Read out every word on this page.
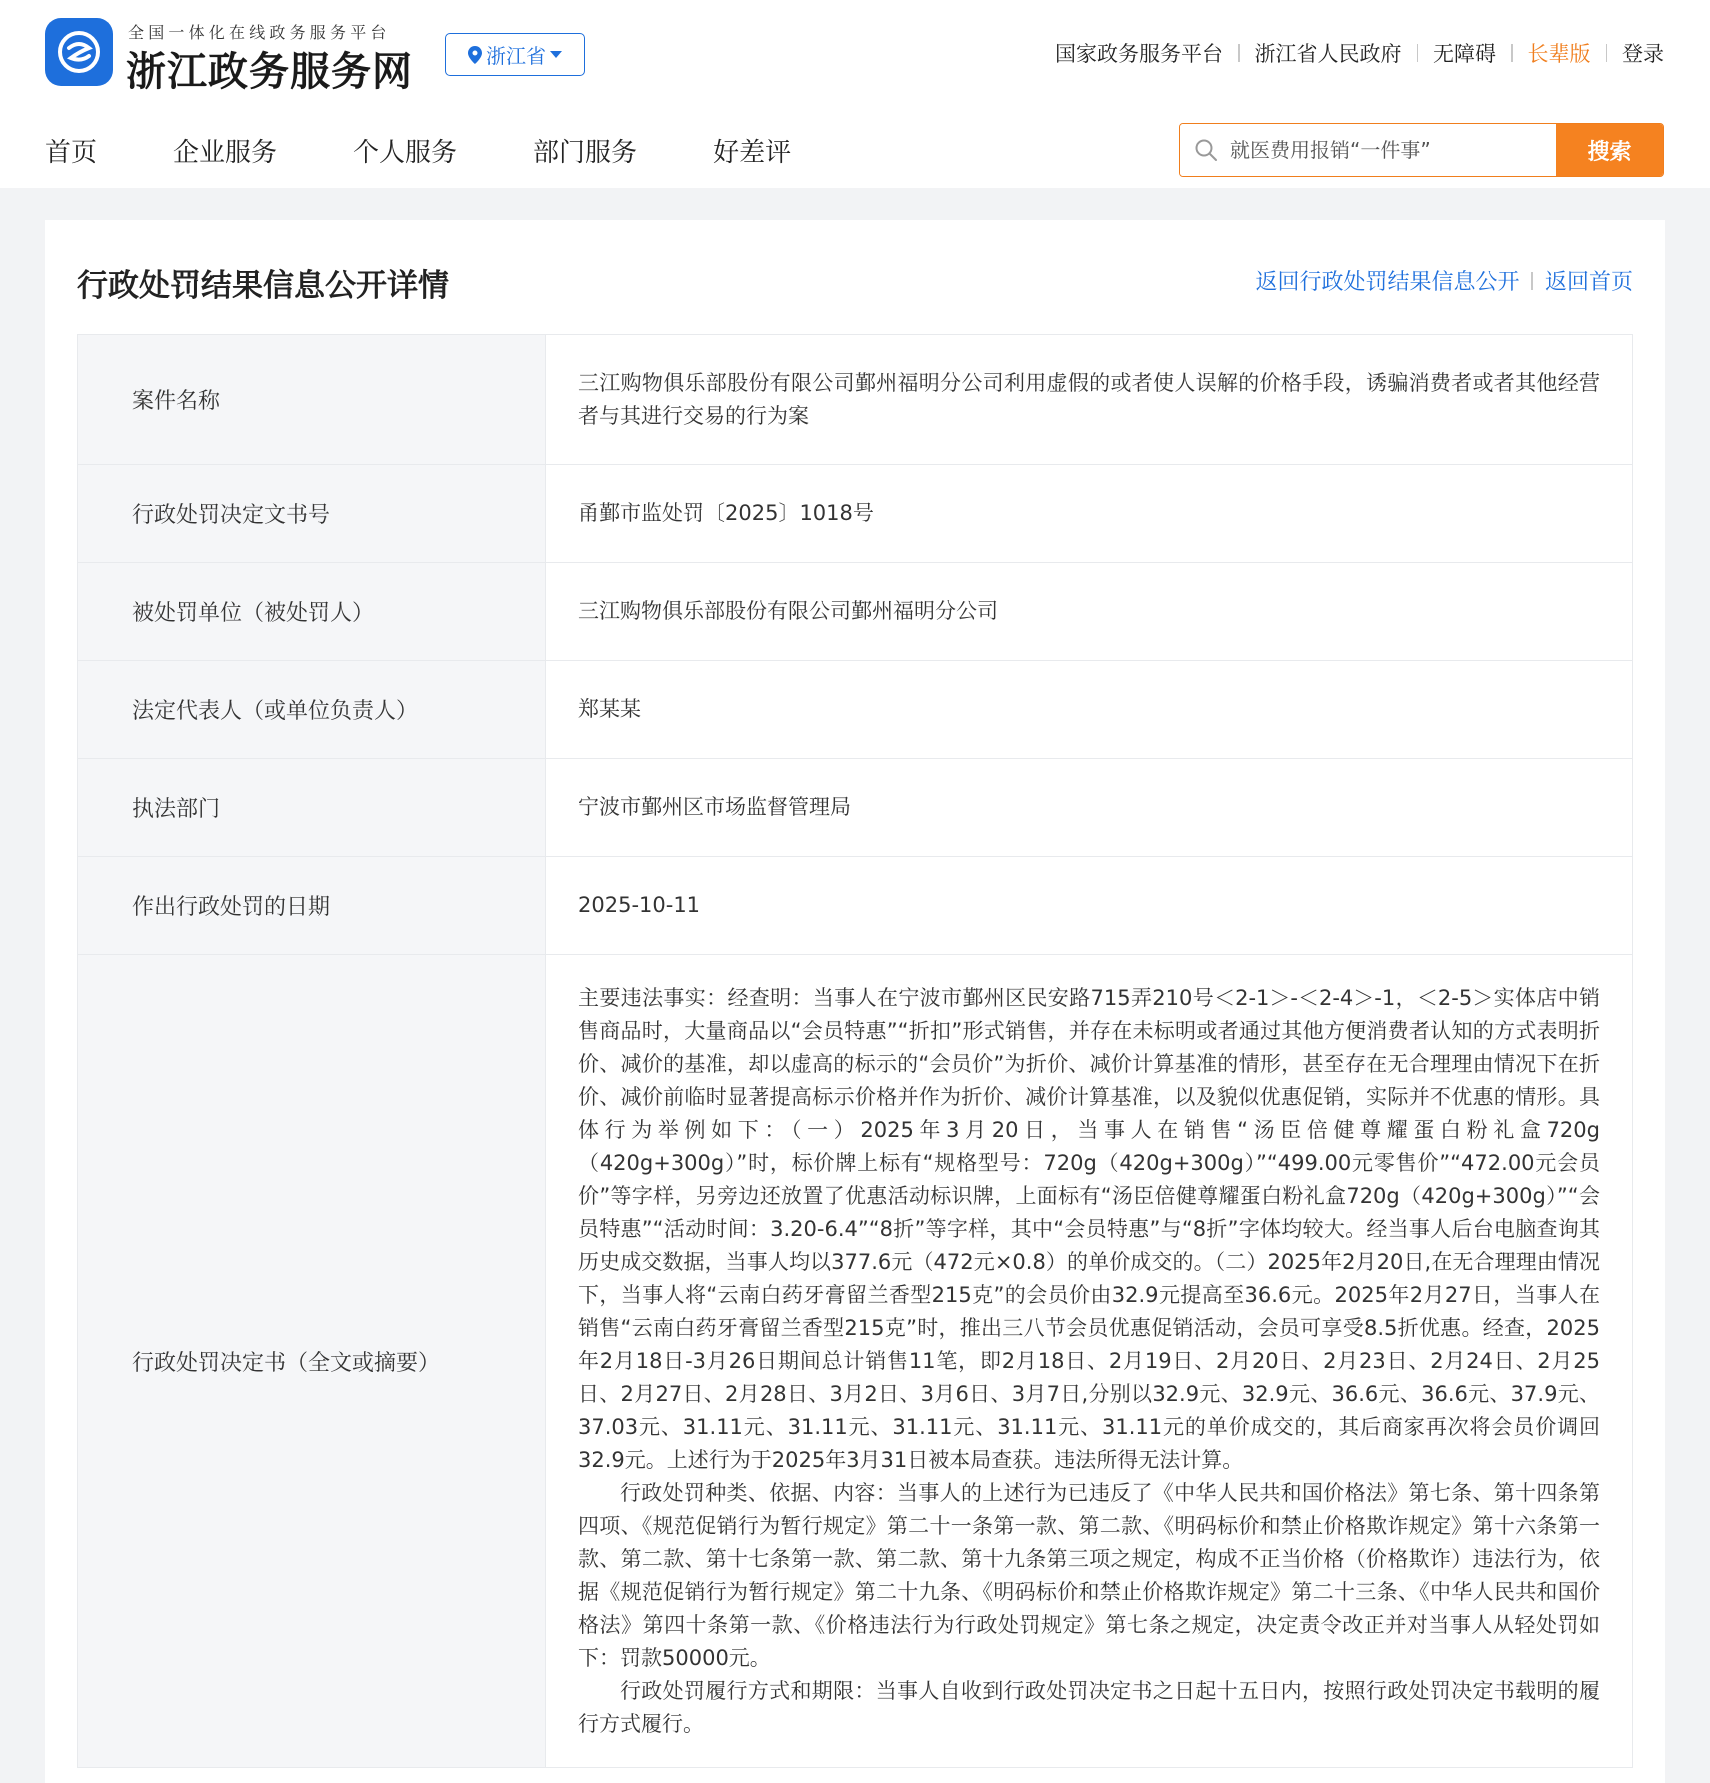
全国一体化在线政务服务平台
浙江政务服务网	浙江省	国家政务服务平台 浙江省人民政府 无障碍 长辈版 登录
首页	企业服务	个人服务	部门服务	好差评
就医费用报销“一件事”	搜索
行政处罚结果信息公开详情	返回行政处罚结果信息公开 返回首页
案件名称	三江购物俱乐部股份有限公司鄞州福明分公司利用虚假的或者使人误解的价格手段，诱骗消费者或者其他经营者与其进行交易的行为案
行政处罚决定文书号	甬鄞市监处罚〔2025〕1018号
被处罚单位（被处罚人）	三江购物俱乐部股份有限公司鄞州福明分公司
法定代表人（或单位负责人）	郑某某
执法部门	宁波市鄞州区市场监督管理局
作出行政处罚的日期	2025-10-11
行政处罚决定书（全文或摘要）	主要违法事实：经查明：当事人在宁波市鄞州区民安路715弄210号＜2-1＞-＜2-4＞-1，＜2-5＞实体店中销售商品时，大量商品以“会员特惠”“折扣”形式销售，并存在未标明或者通过其他方便消费者认知的方式表明折价、减价的基准，却以虚高的标示的“会员价”为折价、减价计算基准的情形，甚至存在无合理理由情况下在折价、减价前临时显著提高标示价格并作为折价、减价计算基准，以及貌似优惠促销，实际并不优惠的情形。具体行为举例如下：（一）2025年3月20日，当事人在销售“汤臣倍健尊耀蛋白粉礼盒720g（420g+300g）”时，标价牌上标有“规格型号：720g（420g+300g）”“499.00元零售价”“472.00元会员价”等字样，另旁边还放置了优惠活动标识牌，上面标有“汤臣倍健尊耀蛋白粉礼盒720g（420g+300g）”“会员特惠”“活动时间：3.20-6.4”“8折”等字样，其中“会员特惠”与“8折”字体均较大。经当事人后台电脑查询其历史成交数据，当事人均以377.6元（472元×0.8）的单价成交的。（二）2025年2月20日,在无合理理由情况下，当事人将“云南白药牙膏留兰香型215克”的会员价由32.9元提高至36.6元。2025年2月27日，当事人在销售“云南白药牙膏留兰香型215克”时，推出三八节会员优惠促销活动，会员可享受8.5折优惠。经查，2025年2月18日-3月26日期间总计销售11笔，即2月18日、2月19日、2月20日、2月23日、2月24日、2月25日、2月27日、2月28日、3月2日、3月6日、3月7日,分别以32.9元、32.9元、36.6元、36.6元、37.9元、37.03元、31.11元、31.11元、31.11元、31.11元、31.11元的单价成交的，其后商家再次将会员价调回32.9元。上述行为于2025年3月31日被本局查获。违法所得无法计算。

行政处罚种类、依据、内容：当事人的上述行为已违反了《中华人民共和国价格法》第七条、第十四条第四项、《规范促销行为暂行规定》第二十一条第一款、第二款、《明码标价和禁止价格欺诈规定》第十六条第一款、第二款、第十七条第一款、第二款、第十九条第三项之规定，构成不正当价格（价格欺诈）违法行为，依据《规范促销行为暂行规定》第二十九条、《明码标价和禁止价格欺诈规定》第二十三条、《中华人民共和国价格法》第四十条第一款、《价格违法行为行政处罚规定》第七条之规定，决定责令改正并对当事人从轻处罚如下：罚款50000元。

行政处罚履行方式和期限：当事人自收到行政处罚决定书之日起十五日内，按照行政处罚决定书载明的履行方式履行。
